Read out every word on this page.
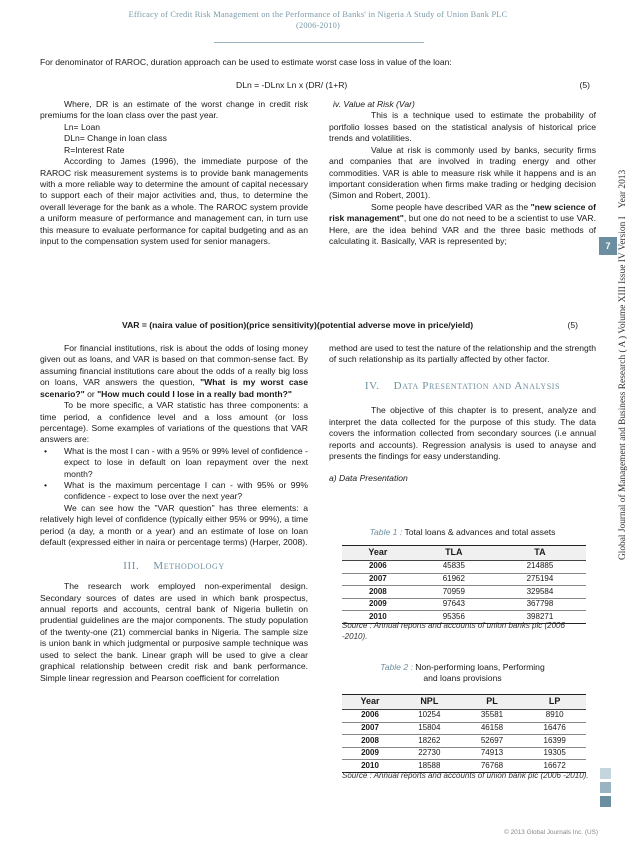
Efficacy of Credit Risk Management on the Performance of Banks' in Nigeria A Study of Union Bank PLC
(2006-2010)
For denominator of RAROC, duration approach can be used to estimate worst case loss in value of the loan:
DLn = -DLnx Ln x (DR/ (1+R)	(5)

Where, DR is an estimate of the worst change in credit risk premiums for the loan class over the past year.

Ln= Loan

DLn= Change in loan class

R=Interest Rate

According to James (1996), the immediate purpose of the RAROC risk measurement systems is to provide bank managements with a more reliable way to determine the amount of capital necessary to support each of their major activities and, thus, to determine the overall leverage for the bank as a whole. The RAROC system provide a uniform measure of performance and management can, in turn use this measure to evaluate performance for capital budgeting and as an input to the compensation system used for senior managers.

iv. Value at Risk (Var)

This is a technique used to estimate the probability of portfolio losses based on the statistical analysis of historical price trends and volatilities.

Value at risk is commonly used by banks, security firms and companies that are involved in trading energy and other commodities. VAR is able to measure risk while it happens and is an important consideration when firms make trading or hedging decision (Simon and Robert, 2001).

Some people have described VAR as the "new science of risk management", but one do not need to be a scientist to use VAR. Here, are the idea behind VAR and the three basic methods of calculating it. Basically, VAR is represented by;

VAR = (naira value of position)(price sensitivity)(potential adverse move in price/yield)	(5)

For financial institutions, risk is about the odds of losing money given out as loans, and VAR is based on that common-sense fact. By assuming financial institutions care about the odds of a really big loss on loans, VAR answers the question, "What is my worst case scenario?" or "How much could I lose in a really bad month?"

To be more specific, a VAR statistic has three components: a time period, a confidence level and a loss amount (or loss percentage). Some examples of variations of the questions that VAR answers are:

• What is the most I can - with a 95% or 99% level of confidence - expect to lose in default on loan repayment over the next month?
• What is the maximum percentage I can - with 95% or 99% confidence - expect to lose over the next year?

We can see how the "VAR question" has three elements: a relatively high level of confidence (typically either 95% or 99%), a time period (a day, a month or a year) and an estimate of lose on loan default (expressed either in naira or percentage terms) (Harper, 2008).

III. Methodology

The research work employed non-experimental design. Secondary sources of dates are used in which bank prospectus, annual reports and accounts, central bank of Nigeria bulletin on prudential guidelines are the major components. The study population of the twenty-one (21) commercial banks in Nigeria. The sample size is union bank in which judgmental or purposive sample technique was used to select the bank. Linear graph will be used to give a clear graphical relationship between credit risk and bank performance. Simple linear regression and Pearson coefficient for correlation

method are used to test the nature of the relationship and the strength of such relationship as its partially affected by other factor.

IV. Data Presentation and Analysis

The objective of this chapter is to present, analyze and interpret the data collected for the purpose of this study. The data covers the information collected from secondary sources (i.e annual reports and accounts). Regression analysis is used to anayse and presents the findings for easy understanding.

a) Data Presentation

Table 1 : Total loans & advances and total assets
Year	TLA	TA
2006	45835	214885
2007	61962	275194
2008	70959	329584
2009	97643	367798
2010	95356	398271
Source : Annual reports and accounts of union banks plc (2006 -2010).
Table 2 : Non-performing loans, Performing
and loans provisions
Year	NPL	PL	LP
2006	10254	35581	8910
2007	15804	46158	16476
2008	18262	52697	16399
2009	22730	74913	19305
2010	18588	76768	16672
Source : Annual reports and accounts of union bank plc (2006 -2010).
Global Journal of Management and Business Research ( A ) Volume XIII Issue IV Version IYear 2013
7
© 2013 Global Journals Inc. (US)
